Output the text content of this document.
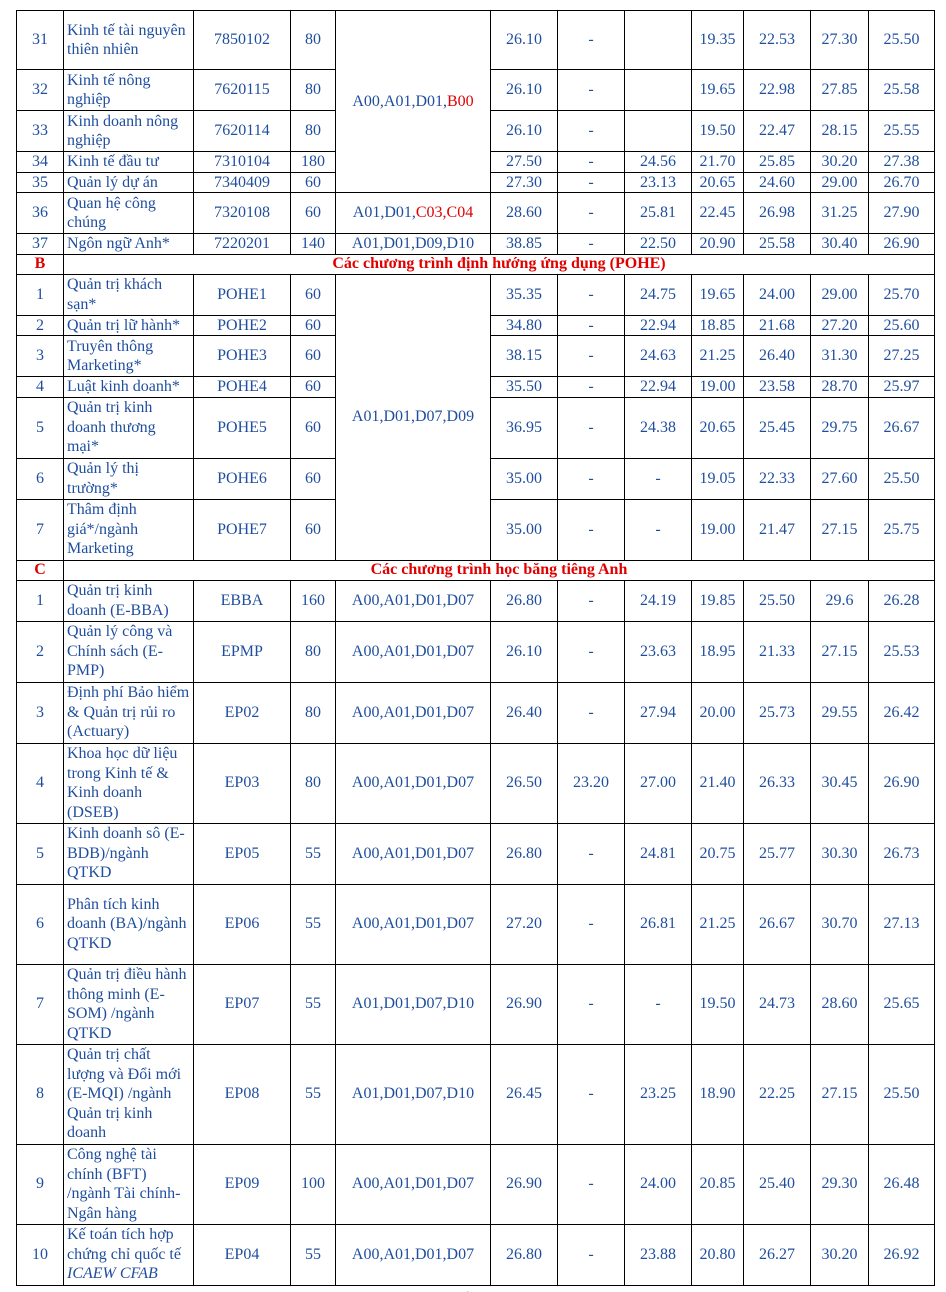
31	Kinh tế tài nguyên thiên nhiên	7850102	80	A00,A01,D01,B00	26.10	-		19.35	22.53	27.30	25.50
32	Kinh tế nông nghiệp	7620115	80		26.10	-		19.65	22.98	27.85	25.58
33	Kinh doanh nông nghiệp	7620114	80		26.10	-		19.50	22.47	28.15	25.55
34	Kinh tế đầu tư	7310104	180		27.50	-	24.56	21.70	25.85	30.20	27.38
35	Quản lý dự án	7340409	60		27.30	-	23.13	20.65	24.60	29.00	26.70
36	Quan hệ công chúng	7320108	60	A01,D01,C03,C04	28.60	-	25.81	22.45	26.98	31.25	27.90
37	Ngôn ngữ Anh*	7220201	140	A01,D01,D09,D10	38.85	-	22.50	20.90	25.58	30.40	26.90
B	Các chương trình định hướng ứng dụng (POHE)										
1	Quản trị khách sạn*	POHE1	60	A01,D01,D07,D09	35.35	-	24.75	19.65	24.00	29.00	25.70
2	Quản trị lữ hành*	POHE2	60		34.80	-	22.94	18.85	21.68	27.20	25.60
3	Truyên thông Marketing*	POHE3	60		38.15	-	24.63	21.25	26.40	31.30	27.25
4	Luật kinh doanh*	POHE4	60		35.50	-	22.94	19.00	23.58	28.70	25.97
5	Quản trị kinh doanh thương mại*	POHE5	60		36.95	-	24.38	20.65	25.45	29.75	26.67
6	Quản lý thị trường*	POHE6	60		35.00	-	-	19.05	22.33	27.60	25.50
7	Thâm định giá*/ngành Marketing	POHE7	60		35.00	-	-	19.00	21.47	27.15	25.75
C	Các chương trình học băng tiêng Anh										
1	Quản trị kinh doanh (E-BBA)	EBBA	160	A00,A01,D01,D07	26.80	-	24.19	19.85	25.50	29.6	26.28
2	Quản lý công và Chính sách (E-PMP)	EPMP	80	A00,A01,D01,D07	26.10	-	23.63	18.95	21.33	27.15	25.53
3	Định phí Bảo hiểm & Quản trị rủi ro (Actuary)	EP02	80	A00,A01,D01,D07	26.40	-	27.94	20.00	25.73	29.55	26.42
4	Khoa học dữ liệu trong Kinh tế & Kinh doanh (DSEB)	EP03	80	A00,A01,D01,D07	26.50	23.20	27.00	21.40	26.33	30.45	26.90
5	Kinh doanh sô (E-BDB)/ngành QTKD	EP05	55	A00,A01,D01,D07	26.80	-	24.81	20.75	25.77	30.30	26.73
6	Phân tích kinh doanh (BA)/ngành QTKD	EP06	55	A00,A01,D01,D07	27.20	-	26.81	21.25	26.67	30.70	27.13
7	Quản trị điều hành thông minh (E-SOM) /ngành QTKD	EP07	55	A01,D01,D07,D10	26.90	-	-	19.50	24.73	28.60	25.65
8	Quản trị chất lượng và Đổi mới (E-MQI) /ngành Quản trị kinh doanh	EP08	55	A01,D01,D07,D10	26.45	-	23.25	18.90	22.25	27.15	25.50
9	Công nghệ tài chính (BFT) /ngành Tài chính-Ngân hàng	EP09	100	A00,A01,D01,D07	26.90	-	24.00	20.85	25.40	29.30	26.48
10	Kế toán tích hợp chứng chỉ quốc tế ICAEW CFAB	EP04	55	A00,A01,D01,D07	26.80	-	23.88	20.80	26.27	30.20	26.92
.
